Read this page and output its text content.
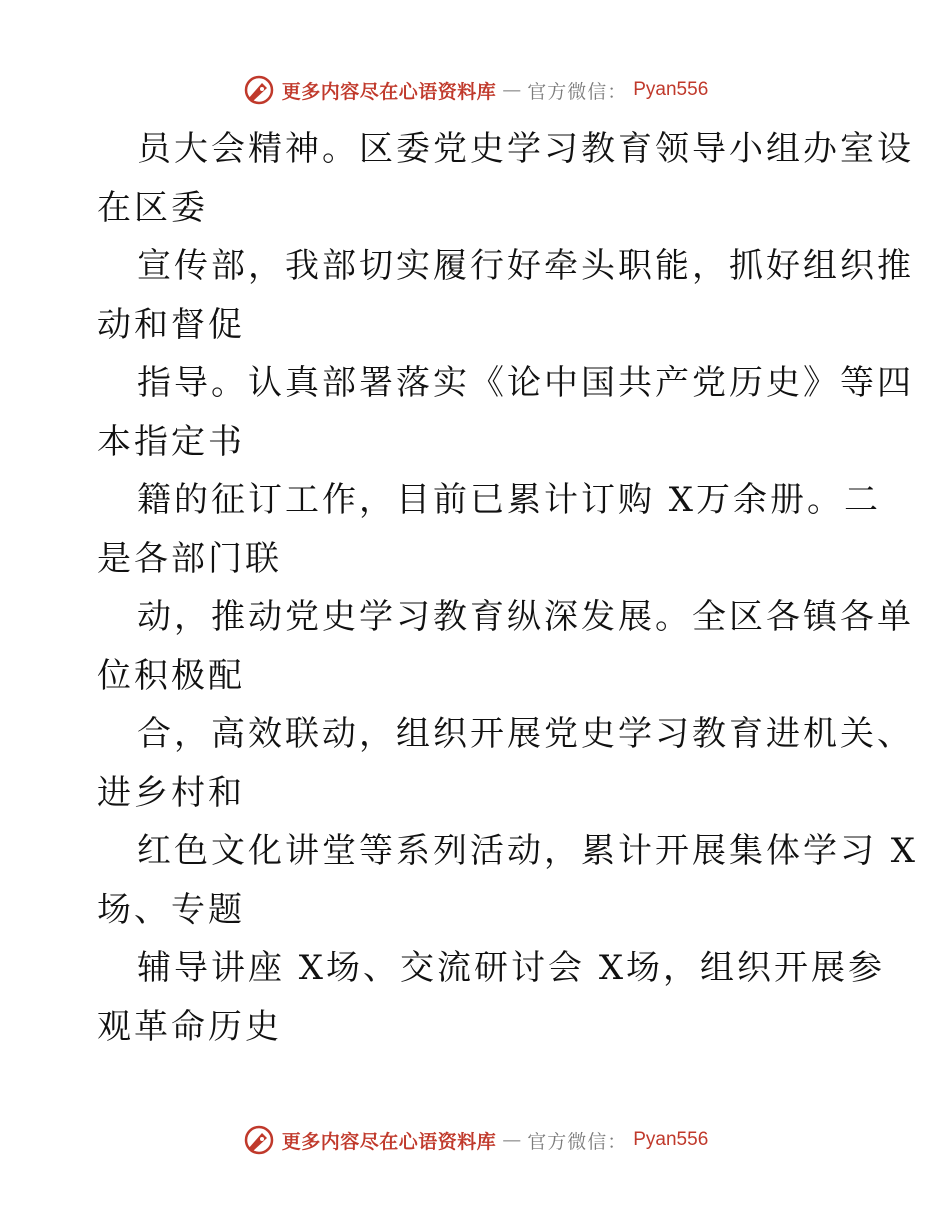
更多内容尽在心语资料库 — 官方微信： Pyan556
员大会精神。区委党史学习教育领导小组办室设
在区委
宣传部，我部切实履行好牵头职能，抓好组织推
动和督促
指导。认真部署落实《论中国共产党历史》等四
本指定书
籍的征订工作，目前已累计订购 X万余册。二
是各部门联
动，推动党史学习教育纵深发展。全区各镇各单
位积极配
合，高效联动，组织开展党史学习教育进机关、
进乡村和
红色文化讲堂等系列活动，累计开展集体学习 X
场、专题
辅导讲座 X场、交流研讨会 X场，组织开展参
观革命历史
更多内容尽在心语资料库 — 官方微信： Pyan556
